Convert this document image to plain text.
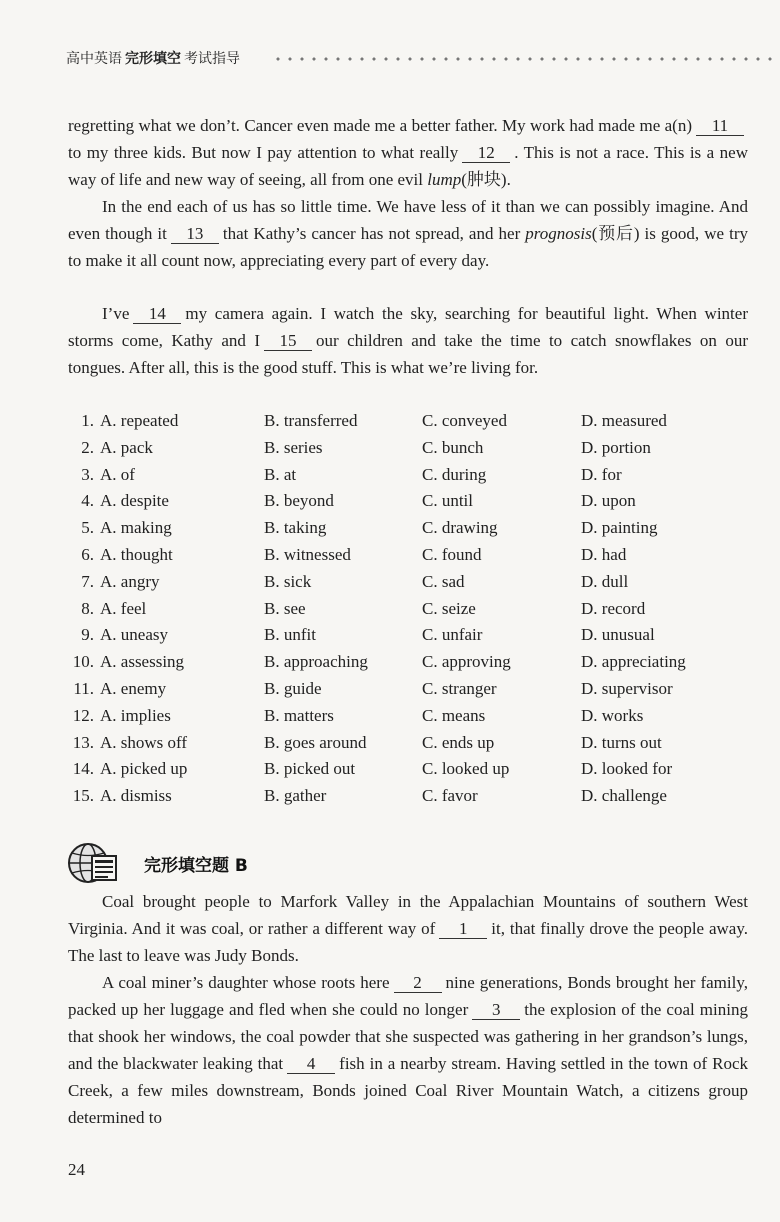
高中英语 完形填空 考试指导

regretting what we don’t. Cancer even made me a better father. My work had made me a(n) 11to my three kids. But now I pay attention to what really 12 . This is not a race. This is a new way of life and new way of seeing, all from one evil lump(肿块).

In the end each of us has so little time. We have less of it than we can possibly imagine. And even though it 13 that Kathy’s cancer has not spread, and her prognosis(预后) is good, we try to make it all count now, appreciating every part of every day.

I’ve 14 my camera again. I watch the sky, searching for beautiful light. When winter storms come, Kathy and I 15 our children and take the time to catch snowflakes on our tongues. After all, this is the good stuff. This is what we’re living for.

1. A. repeated	B. transferred	C. conveyed	D. measured
2. A. pack	B. series	C. bunch	D. portion
3. A. of	B. at	C. during	D. for
4. A. despite	B. beyond	C. until	D. upon
5. A. making	B. taking	C. drawing	D. painting
6. A. thought	B. witnessed	C. found	D. had
7. A. angry	B. sick	C. sad	D. dull
8. A. feel	B. see	C. seize	D. record
9. A. uneasy	B. unfit	C. unfair	D. unusual
10. A. assessing	B. approaching	C. approving	D. appreciating
11. A. enemy	B. guide	C. stranger	D. supervisor
12. A. implies	B. matters	C. means	D. works
13. A. shows off	B. goes around	C. ends up	D. turns out
14. A. picked up	B. picked out	C. looked up	D. looked for
15. A. dismiss	B. gather	C. favor	D. challenge
完形填空题 B

Coal brought people to Marfork Valley in the Appalachian Mountains of southern West Virginia. And it was coal, or rather a different way of 1 it, that finally drove the people away. The last to leave was Judy Bonds.

A coal miner’s daughter whose roots here 2 nine generations, Bonds brought her family, packed up her luggage and fled when she could no longer 3 the explosion of the coal mining that shook her windows, the coal powder that she suspected was gathering in her grandson’s lungs, and the blackwater leaking that 4 fish in a nearby stream. Having settled in the town of Rock Creek, a few miles downstream, Bonds joined Coal River Mountain Watch, a citizens group determined to

24
